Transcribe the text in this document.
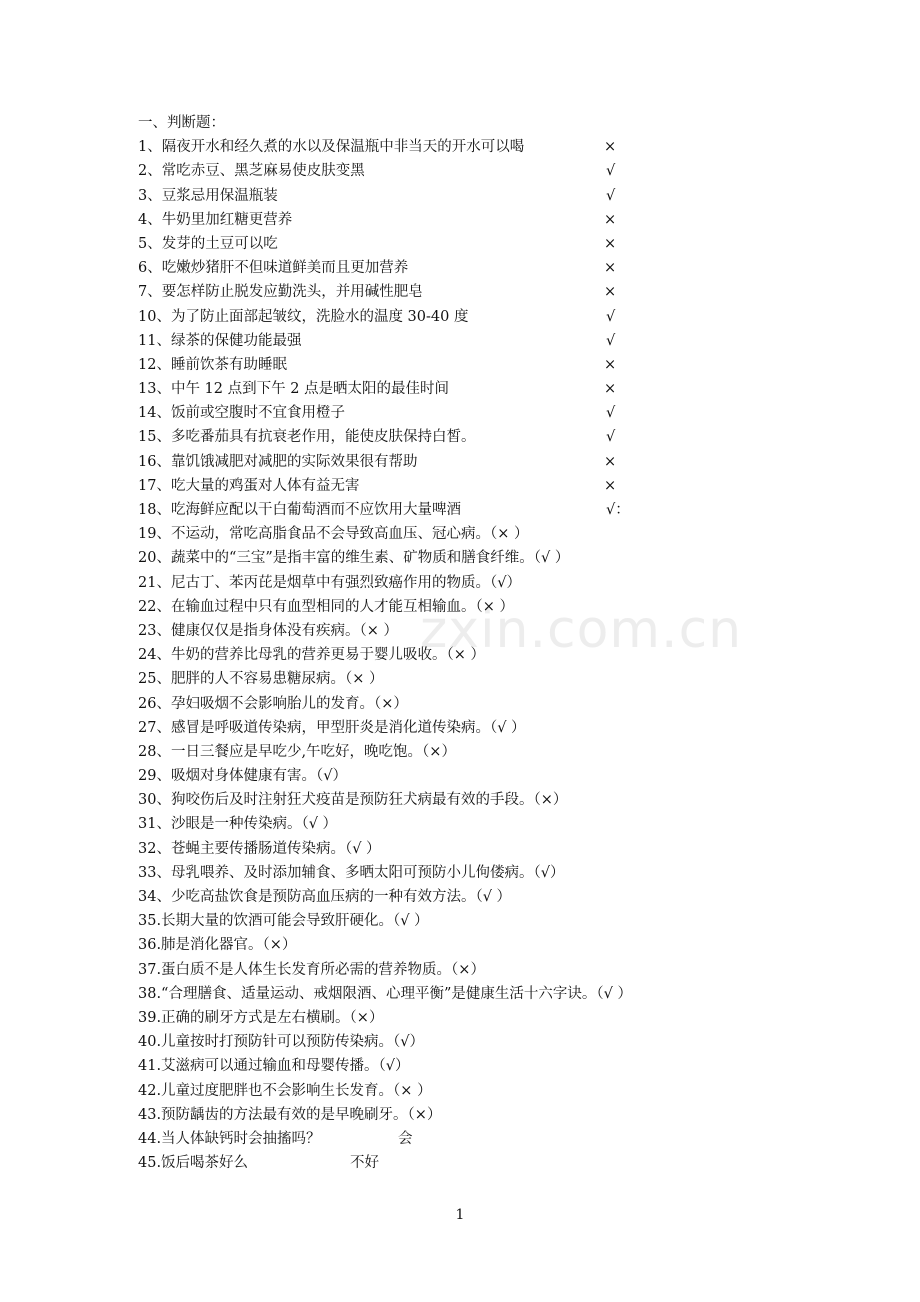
zxin.com.cn
一、判断题：
1、隔夜开水和经久煮的水以及保温瓶中非当天的开水可以喝	×
2、常吃赤豆、黑芝麻易使皮肤变黑	√
3、豆浆忌用保温瓶装	√
4、牛奶里加红糖更营养	×
5、发芽的土豆可以吃	×
6、吃嫩炒猪肝不但味道鲜美而且更加营养	×
7、要怎样防止脱发应勤洗头，并用碱性肥皂	×
10、为了防止面部起皱纹，洗脸水的温度 30-40 度	√
11、绿茶的保健功能最强	√
12、睡前饮茶有助睡眠	×
13、中午 12 点到下午 2 点是晒太阳的最佳时间	×
14、饭前或空腹时不宜食用橙子	√
15、多吃番茄具有抗衰老作用，能使皮肤保持白皙。	√
16、靠饥饿减肥对减肥的实际效果很有帮助	×
17、吃大量的鸡蛋对人体有益无害	×
18、吃海鲜应配以干白葡萄酒而不应饮用大量啤酒	√：
19、不运动，常吃高脂食品不会导致高血压、冠心病。（× ）
20、蔬菜中的“三宝”是指丰富的维生素、矿物质和膳食纤维。（√ ）
21、尼古丁、苯丙芘是烟草中有强烈致癌作用的物质。（√）
22、在输血过程中只有血型相同的人才能互相输血。（× ）
23、健康仅仅是指身体没有疾病。（× ）
24、牛奶的营养比母乳的营养更易于婴儿吸收。（× ）
25、肥胖的人不容易患糖尿病。（× ）
26、孕妇吸烟不会影响胎儿的发育。（×）
27、感冒是呼吸道传染病，甲型肝炎是消化道传染病。（√ ）
28、一日三餐应是早吃少,午吃好，晚吃饱。（×）
29、吸烟对身体健康有害。（√）
30、狗咬伤后及时注射狂犬疫苗是预防狂犬病最有效的手段。（×）
31、沙眼是一种传染病。（√ ）
32、苍蝇主要传播肠道传染病。（√ ）
33、母乳喂养、及时添加辅食、多晒太阳可预防小儿佝偻病。（√）
34、少吃高盐饮食是预防高血压病的一种有效方法。（√ ）
35.长期大量的饮酒可能会导致肝硬化。（√ ）
36.肺是消化器官。（×）
37.蛋白质不是人体生长发育所必需的营养物质。（×）
38.“合理膳食、适量运动、戒烟限酒、心理平衡”是健康生活十六字诀。（√ ）
39.正确的刷牙方式是左右横刷。（×）
40.儿童按时打预防针可以预防传染病。（√）
41.艾滋病可以通过输血和母婴传播。（√）
42.儿童过度肥胖也不会影响生长发育。（× ）
43.预防龋齿的方法最有效的是早晚刷牙。（×）
44.当人体缺钙时会抽搐吗？	会
45.饭后喝茶好么	不好
1
